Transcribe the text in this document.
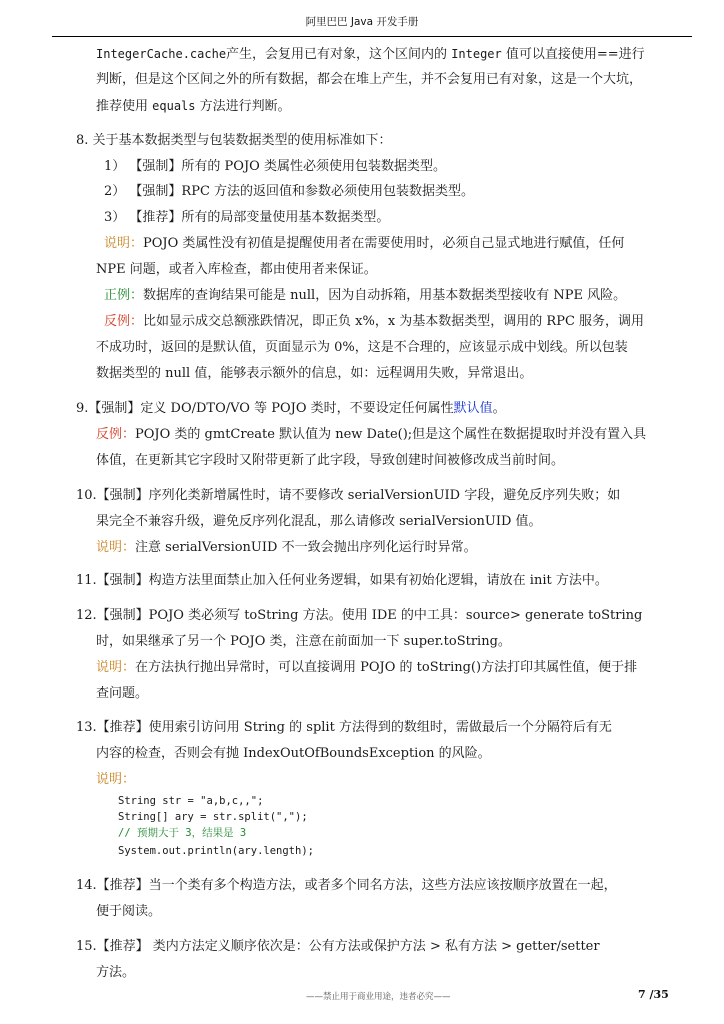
阿里巴巴 Java 开发手册
IntegerCache.cache产生，会复用已有对象，这个区间内的 Integer 值可以直接使用==进行
判断，但是这个区间之外的所有数据，都会在堆上产生，并不会复用已有对象，这是一个大坑，
推荐使用 equals 方法进行判断。
8. 关于基本数据类型与包装数据类型的使用标准如下：
1） 【强制】所有的 POJO 类属性必须使用包装数据类型。
2） 【强制】RPC 方法的返回值和参数必须使用包装数据类型。
3） 【推荐】所有的局部变量使用基本数据类型。
说明：POJO 类属性没有初值是提醒使用者在需要使用时，必须自己显式地进行赋值，任何
NPE 问题，或者入库检查，都由使用者来保证。
正例：数据库的查询结果可能是 null，因为自动拆箱，用基本数据类型接收有 NPE 风险。
反例：比如显示成交总额涨跌情况，即正负 x%，x 为基本数据类型，调用的 RPC 服务，调用
不成功时，返回的是默认值，页面显示为 0%，这是不合理的，应该显示成中划线。所以包装
数据类型的 null 值，能够表示额外的信息，如：远程调用失败，异常退出。
9.【强制】定义 DO/DTO/VO 等 POJO 类时，不要设定任何属性默认值。
反例：POJO 类的 gmtCreate 默认值为 new Date();但是这个属性在数据提取时并没有置入具
体值，在更新其它字段时又附带更新了此字段，导致创建时间被修改成当前时间。
10.【强制】序列化类新增属性时，请不要修改 serialVersionUID 字段，避免反序列失败；如
果完全不兼容升级，避免反序列化混乱，那么请修改 serialVersionUID 值。
说明：注意 serialVersionUID 不一致会抛出序列化运行时异常。
11.【强制】构造方法里面禁止加入任何业务逻辑，如果有初始化逻辑，请放在 init 方法中。
12.【强制】POJO 类必须写 toString 方法。使用 IDE 的中工具：source> generate toString
时，如果继承了另一个 POJO 类，注意在前面加一下 super.toString。
说明：在方法执行抛出异常时，可以直接调用 POJO 的 toString()方法打印其属性值，便于排
查问题。
13.【推荐】使用索引访问用 String 的 split 方法得到的数组时，需做最后一个分隔符后有无
内容的检查，否则会有抛 IndexOutOfBoundsException 的风险。
说明：
String str = "a,b,c,,";
String[] ary = str.split(",");
// 预期大于 3，结果是 3
System.out.println(ary.length);
14.【推荐】当一个类有多个构造方法，或者多个同名方法，这些方法应该按顺序放置在一起，
便于阅读。
15.【推荐】 类内方法定义顺序依次是：公有方法或保护方法 > 私有方法 > getter/setter
方法。
——禁止用于商业用途，违者必究——	7 /35
